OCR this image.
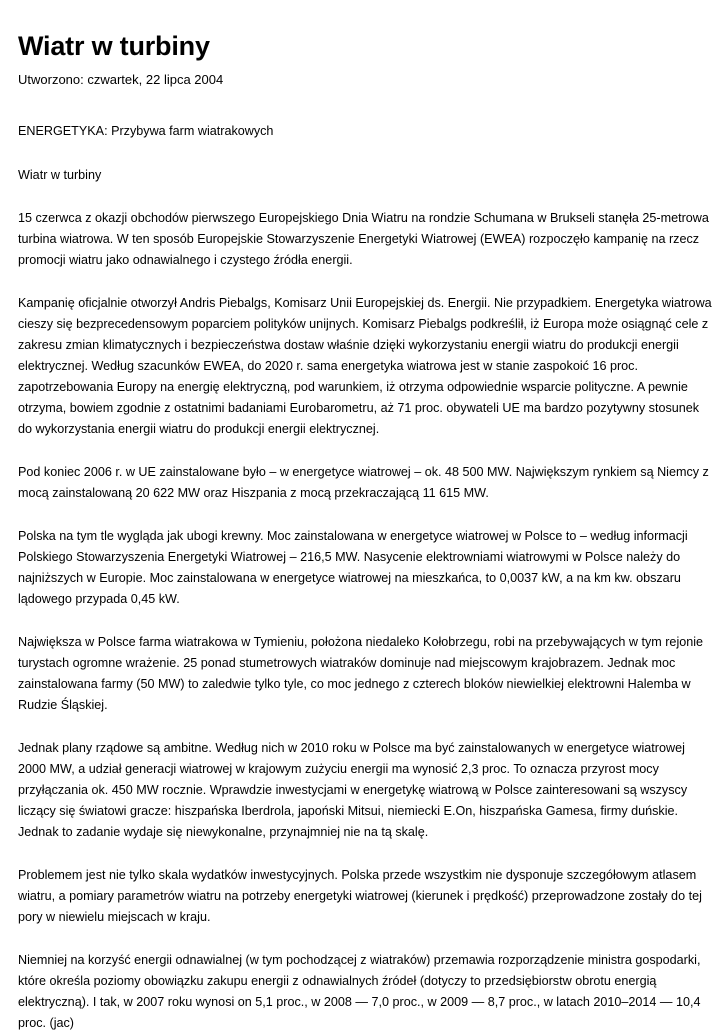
Wiatr w turbiny

Utworzono: czwartek, 22 lipca 2004

ENERGETYKA: Przybywa farm wiatrakowych

Wiatr w turbiny

15 czerwca z okazji obchodów pierwszego Europejskiego Dnia Wiatru na rondzie Schumana w Brukseli stanęła 25-metrowa turbina wiatrowa. W ten sposób Europejskie Stowarzyszenie Energetyki Wiatrowej (EWEA) rozpoczęło kampanię na rzecz promocji wiatru jako odnawialnego i czystego źródła energii.

Kampanię oficjalnie otworzył Andris Piebalgs, Komisarz Unii Europejskiej ds. Energii. Nie przypadkiem. Energetyka wiatrowa cieszy się bezprecedensowym poparciem polityków unijnych. Komisarz Piebalgs podkreślił, iż Europa może osiągnąć cele z zakresu zmian klimatycznych i bezpieczeństwa dostaw właśnie dzięki wykorzystaniu energii wiatru do produkcji energii elektrycznej. Według szacunków EWEA, do 2020 r. sama energetyka wiatrowa jest w stanie zaspokoić 16 proc. zapotrzebowania Europy na energię elektryczną, pod warunkiem, iż otrzyma odpowiednie wsparcie polityczne. A pewnie otrzyma, bowiem zgodnie z ostatnimi badaniami Eurobarometru, aż 71 proc. obywateli UE ma bardzo pozytywny stosunek do wykorzystania energii wiatru do produkcji energii elektrycznej.

Pod koniec 2006 r. w UE zainstalowane było – w energetyce wiatrowej – ok. 48 500 MW. Największym rynkiem są Niemcy z mocą zainstalowaną 20 622 MW oraz Hiszpania z mocą przekraczającą 11 615 MW.

Polska na tym tle wygląda jak ubogi krewny. Moc zainstalowana w energetyce wiatrowej w Polsce to – według informacji Polskiego Stowarzyszenia Energetyki Wiatrowej – 216,5 MW. Nasycenie elektrowniami wiatrowymi w Polsce należy do najniższych w Europie. Moc zainstalowana w energetyce wiatrowej na mieszkańca, to 0,0037 kW, a na km kw. obszaru lądowego przypada 0,45 kW.

Największa w Polsce farma wiatrakowa w Tymieniu, położona niedaleko Kołobrzegu, robi na przebywających w tym rejonie turystach ogromne wrażenie. 25 ponad stumetrowych wiatraków dominuje nad miejscowym krajobrazem. Jednak moc zainstalowana farmy (50 MW) to zaledwie tylko tyle, co moc jednego z czterech bloków niewielkiej elektrowni Halemba w Rudzie Śląskiej.

Jednak plany rządowe są ambitne. Według nich w 2010 roku w Polsce ma być zainstalowanych w energetyce wiatrowej 2000 MW, a udział generacji wiatrowej w krajowym zużyciu energii ma wynosić 2,3 proc. To oznacza przyrost mocy przyłączania ok. 450 MW rocznie. Wprawdzie inwestycjami w energetykę wiatrową w Polsce zainteresowani są wszyscy liczący się światowi gracze: hiszpańska Iberdrola, japoński Mitsui, niemiecki E.On, hiszpańska Gamesa, firmy duńskie. Jednak to zadanie wydaje się niewykonalne, przynajmniej nie na tą skalę.

Problemem jest nie tylko skala wydatków inwestycyjnych. Polska przede wszystkim nie dysponuje szczegółowym atlasem wiatru, a pomiary parametrów wiatru na potrzeby energetyki wiatrowej (kierunek i prędkość) przeprowadzone zostały do tej pory w niewielu miejscach w kraju.

Niemniej na korzyść energii odnawialnej (w tym pochodzącej z wiatraków) przemawia rozporządzenie ministra gospodarki, które określa poziomy obowiązku zakupu energii z odnawialnych źródeł (dotyczy to przedsiębiorstw obrotu energią elektryczną). I tak, w 2007 roku wynosi on 5,1 proc., w 2008 — 7,0 proc., w 2009 — 8,7 proc., w latach 2010–2014 — 10,4 proc. (jac)
